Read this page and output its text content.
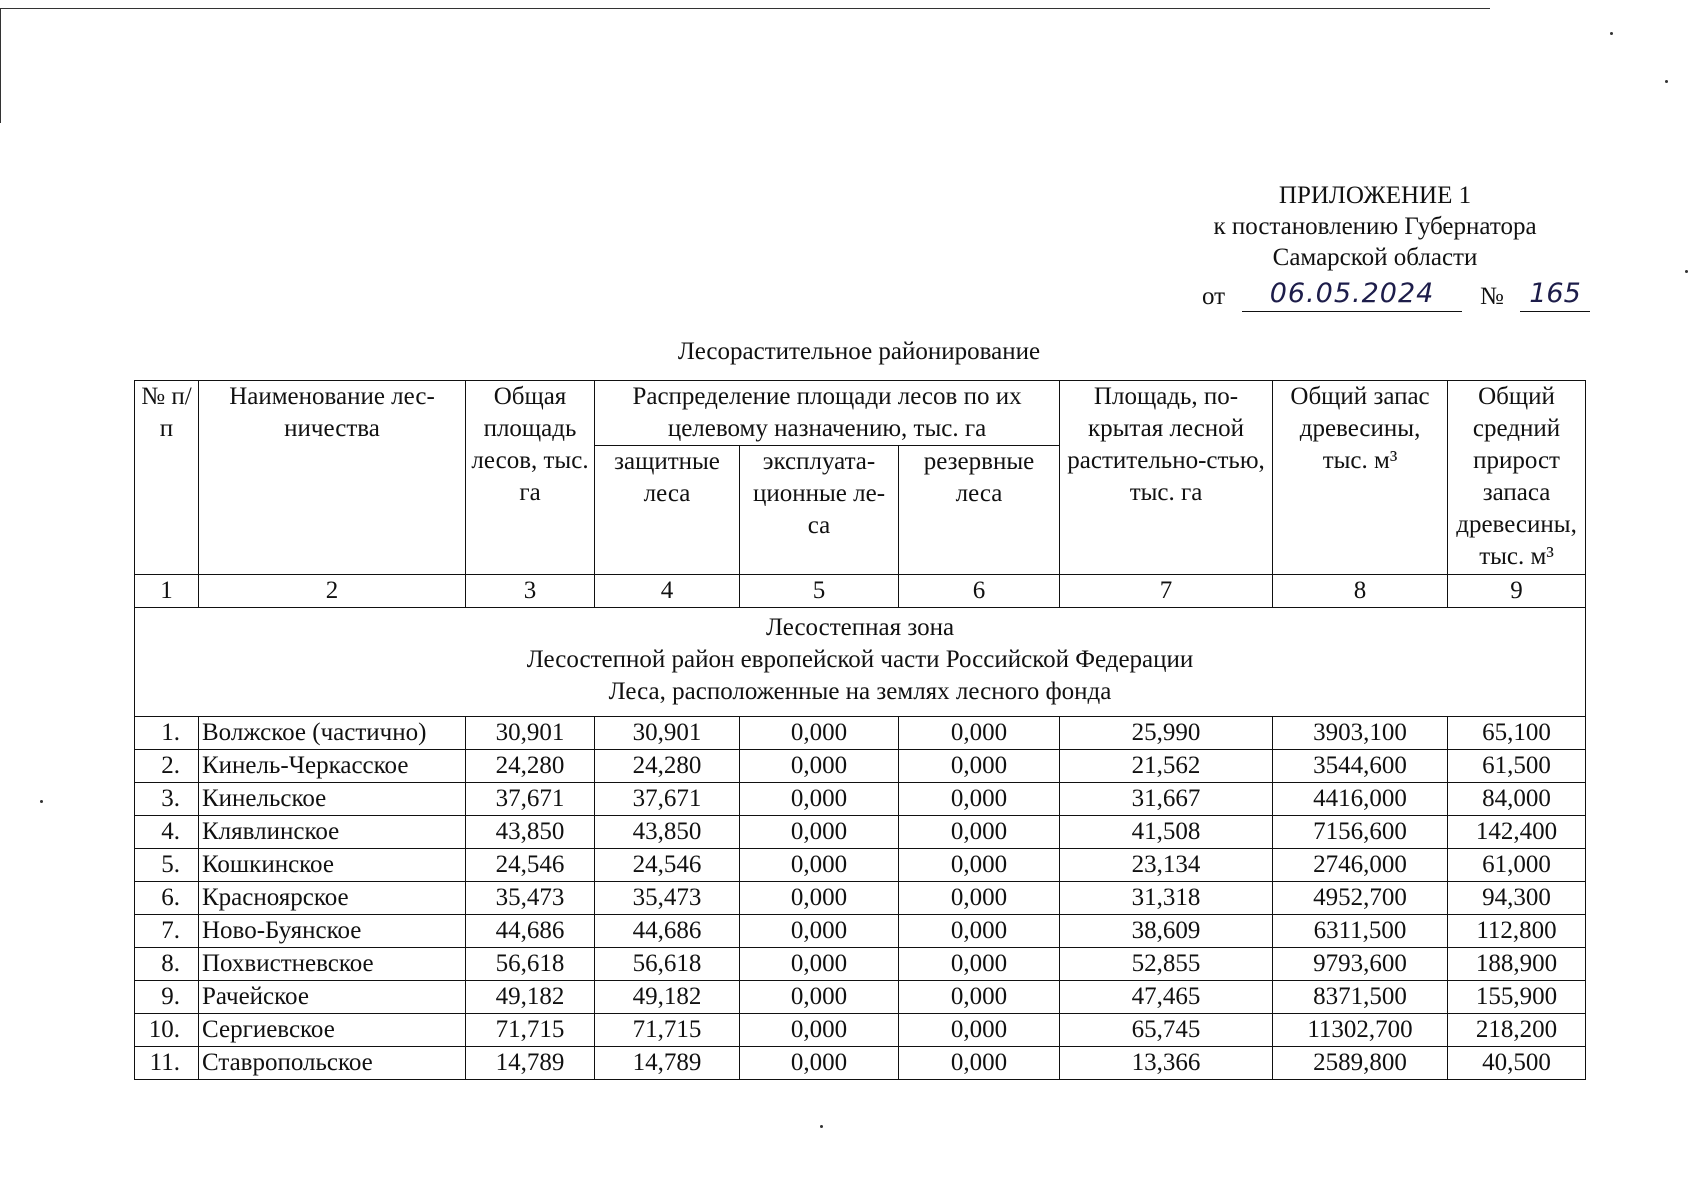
ПРИЛОЖЕНИЕ 1
к постановлению Губернатора
Самарской области
от	06.05.2024	№ 165
Лесорастительное районирование
№ п/п	Наименование лес-ничества	Общая площадь лесов, тыс. га	Распределение площади лесов по их целевому назначению, тыс. га			Площадь, по-крытая лесной растительно-стью, тыс. га	Общий запас древесины, тыс. м³	Общий средний прирост запаса древесины, тыс. м³
			защитные леса	эксплуата-ционные ле-са	резервные леса			
1	2	3	4	5	6	7	8	9

Лесостепная зона
Лесостепной район европейской части Российской Федерации
Леса, расположенные на землях лесного фонда								

1.	Волжское (частично)	30,901	30,901	0,000	0,000	25,990	3903,100	65,100
2.	Кинель-Черкасское	24,280	24,280	0,000	0,000	21,562	3544,600	61,500
3.	Кинельское	37,671	37,671	0,000	0,000	31,667	4416,000	84,000
4.	Клявлинское	43,850	43,850	0,000	0,000	41,508	7156,600	142,400
5.	Кошкинское	24,546	24,546	0,000	0,000	23,134	2746,000	61,000
6.	Красноярское	35,473	35,473	0,000	0,000	31,318	4952,700	94,300
7.	Ново-Буянское	44,686	44,686	0,000	0,000	38,609	6311,500	112,800
8.	Похвистневское	56,618	56,618	0,000	0,000	52,855	9793,600	188,900
9.	Рачейское	49,182	49,182	0,000	0,000	47,465	8371,500	155,900
10.	Сергиевское	71,715	71,715	0,000	0,000	65,745	11302,700	218,200
11.	Ставропольское	14,789	14,789	0,000	0,000	13,366	2589,800	40,500
